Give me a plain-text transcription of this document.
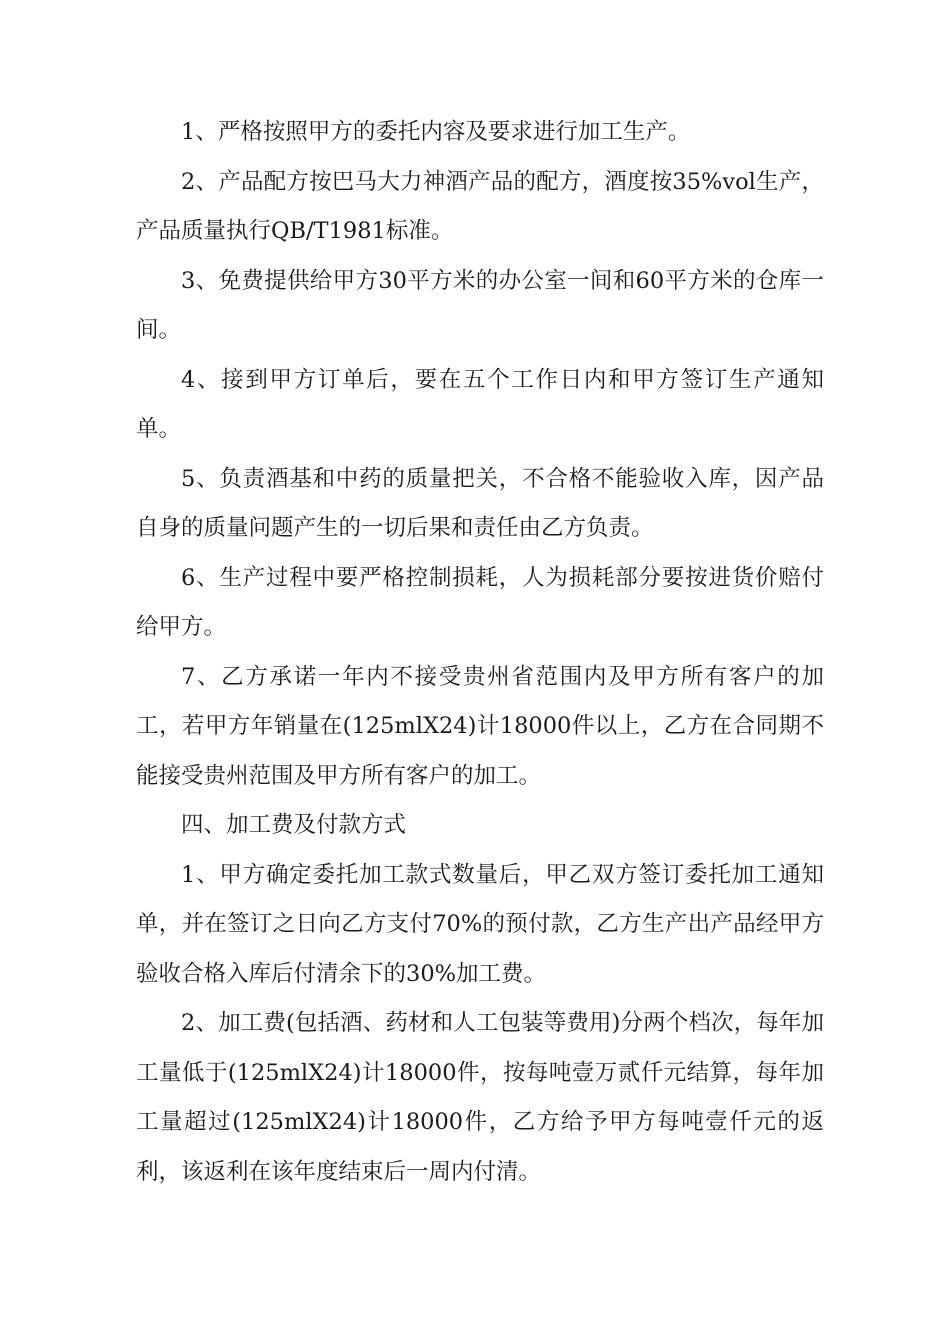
1、严格按照甲方的委托内容及要求进行加工生产。

2、产品配方按巴马大力神酒产品的配方，酒度按35%vol生产，产品质量执行QB/T1981标准。

3、免费提供给甲方30平方米的办公室一间和60平方米的仓库一间。

4、接到甲方订单后，要在五个工作日内和甲方签订生产通知单。

5、负责酒基和中药的质量把关，不合格不能验收入库，因产品自身的质量问题产生的一切后果和责任由乙方负责。

6、生产过程中要严格控制损耗，人为损耗部分要按进货价赔付给甲方。

7、乙方承诺一年内不接受贵州省范围内及甲方所有客户的加工，若甲方年销量在(125mlX24)计18000件以上，乙方在合同期不能接受贵州范围及甲方所有客户的加工。

四、加工费及付款方式

1、甲方确定委托加工款式数量后，甲乙双方签订委托加工通知单，并在签订之日向乙方支付70%的预付款，乙方生产出产品经甲方验收合格入库后付清余下的30%加工费。

2、加工费(包括酒、药材和人工包装等费用)分两个档次，每年加工量低于(125mlX24)计18000件，按每吨壹万贰仟元结算，每年加工量超过(125mlX24)计18000件，乙方给予甲方每吨壹仟元的返利，该返利在该年度结束后一周内付清。
